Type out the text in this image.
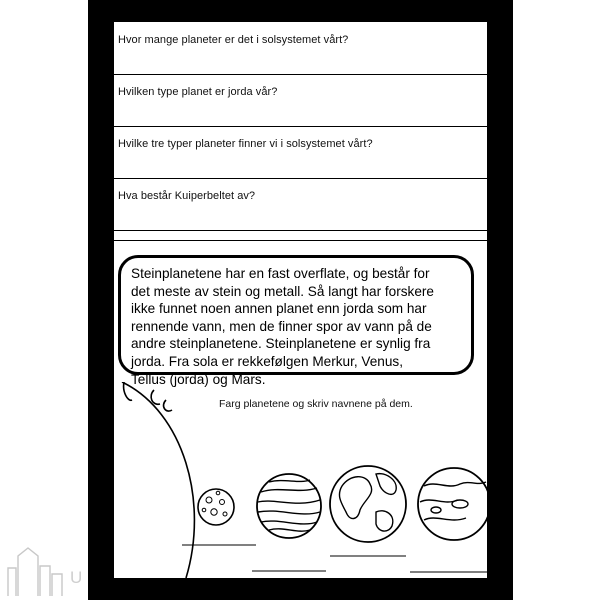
Hvor mange planeter er det i solsystemet vårt?
Hvilken type planet er jorda vår?
Hvilke tre typer planeter finner vi i solsystemet vårt?
Hva består Kuiperbeltet av?
Steinplanetene har en fast overflate, og består for
det meste av stein og metall. Så langt har forskere
ikke funnet noen annen planet enn jorda som har
rennende vann, men de finner spor av vann på de
andre steinplanetene. Steinplanetene er synlig fra
jorda. Fra sola er rekkefølgen Merkur, Venus,
Tellus (jorda) og Mars.
Farg planetene og skriv navnene på dem.
U
